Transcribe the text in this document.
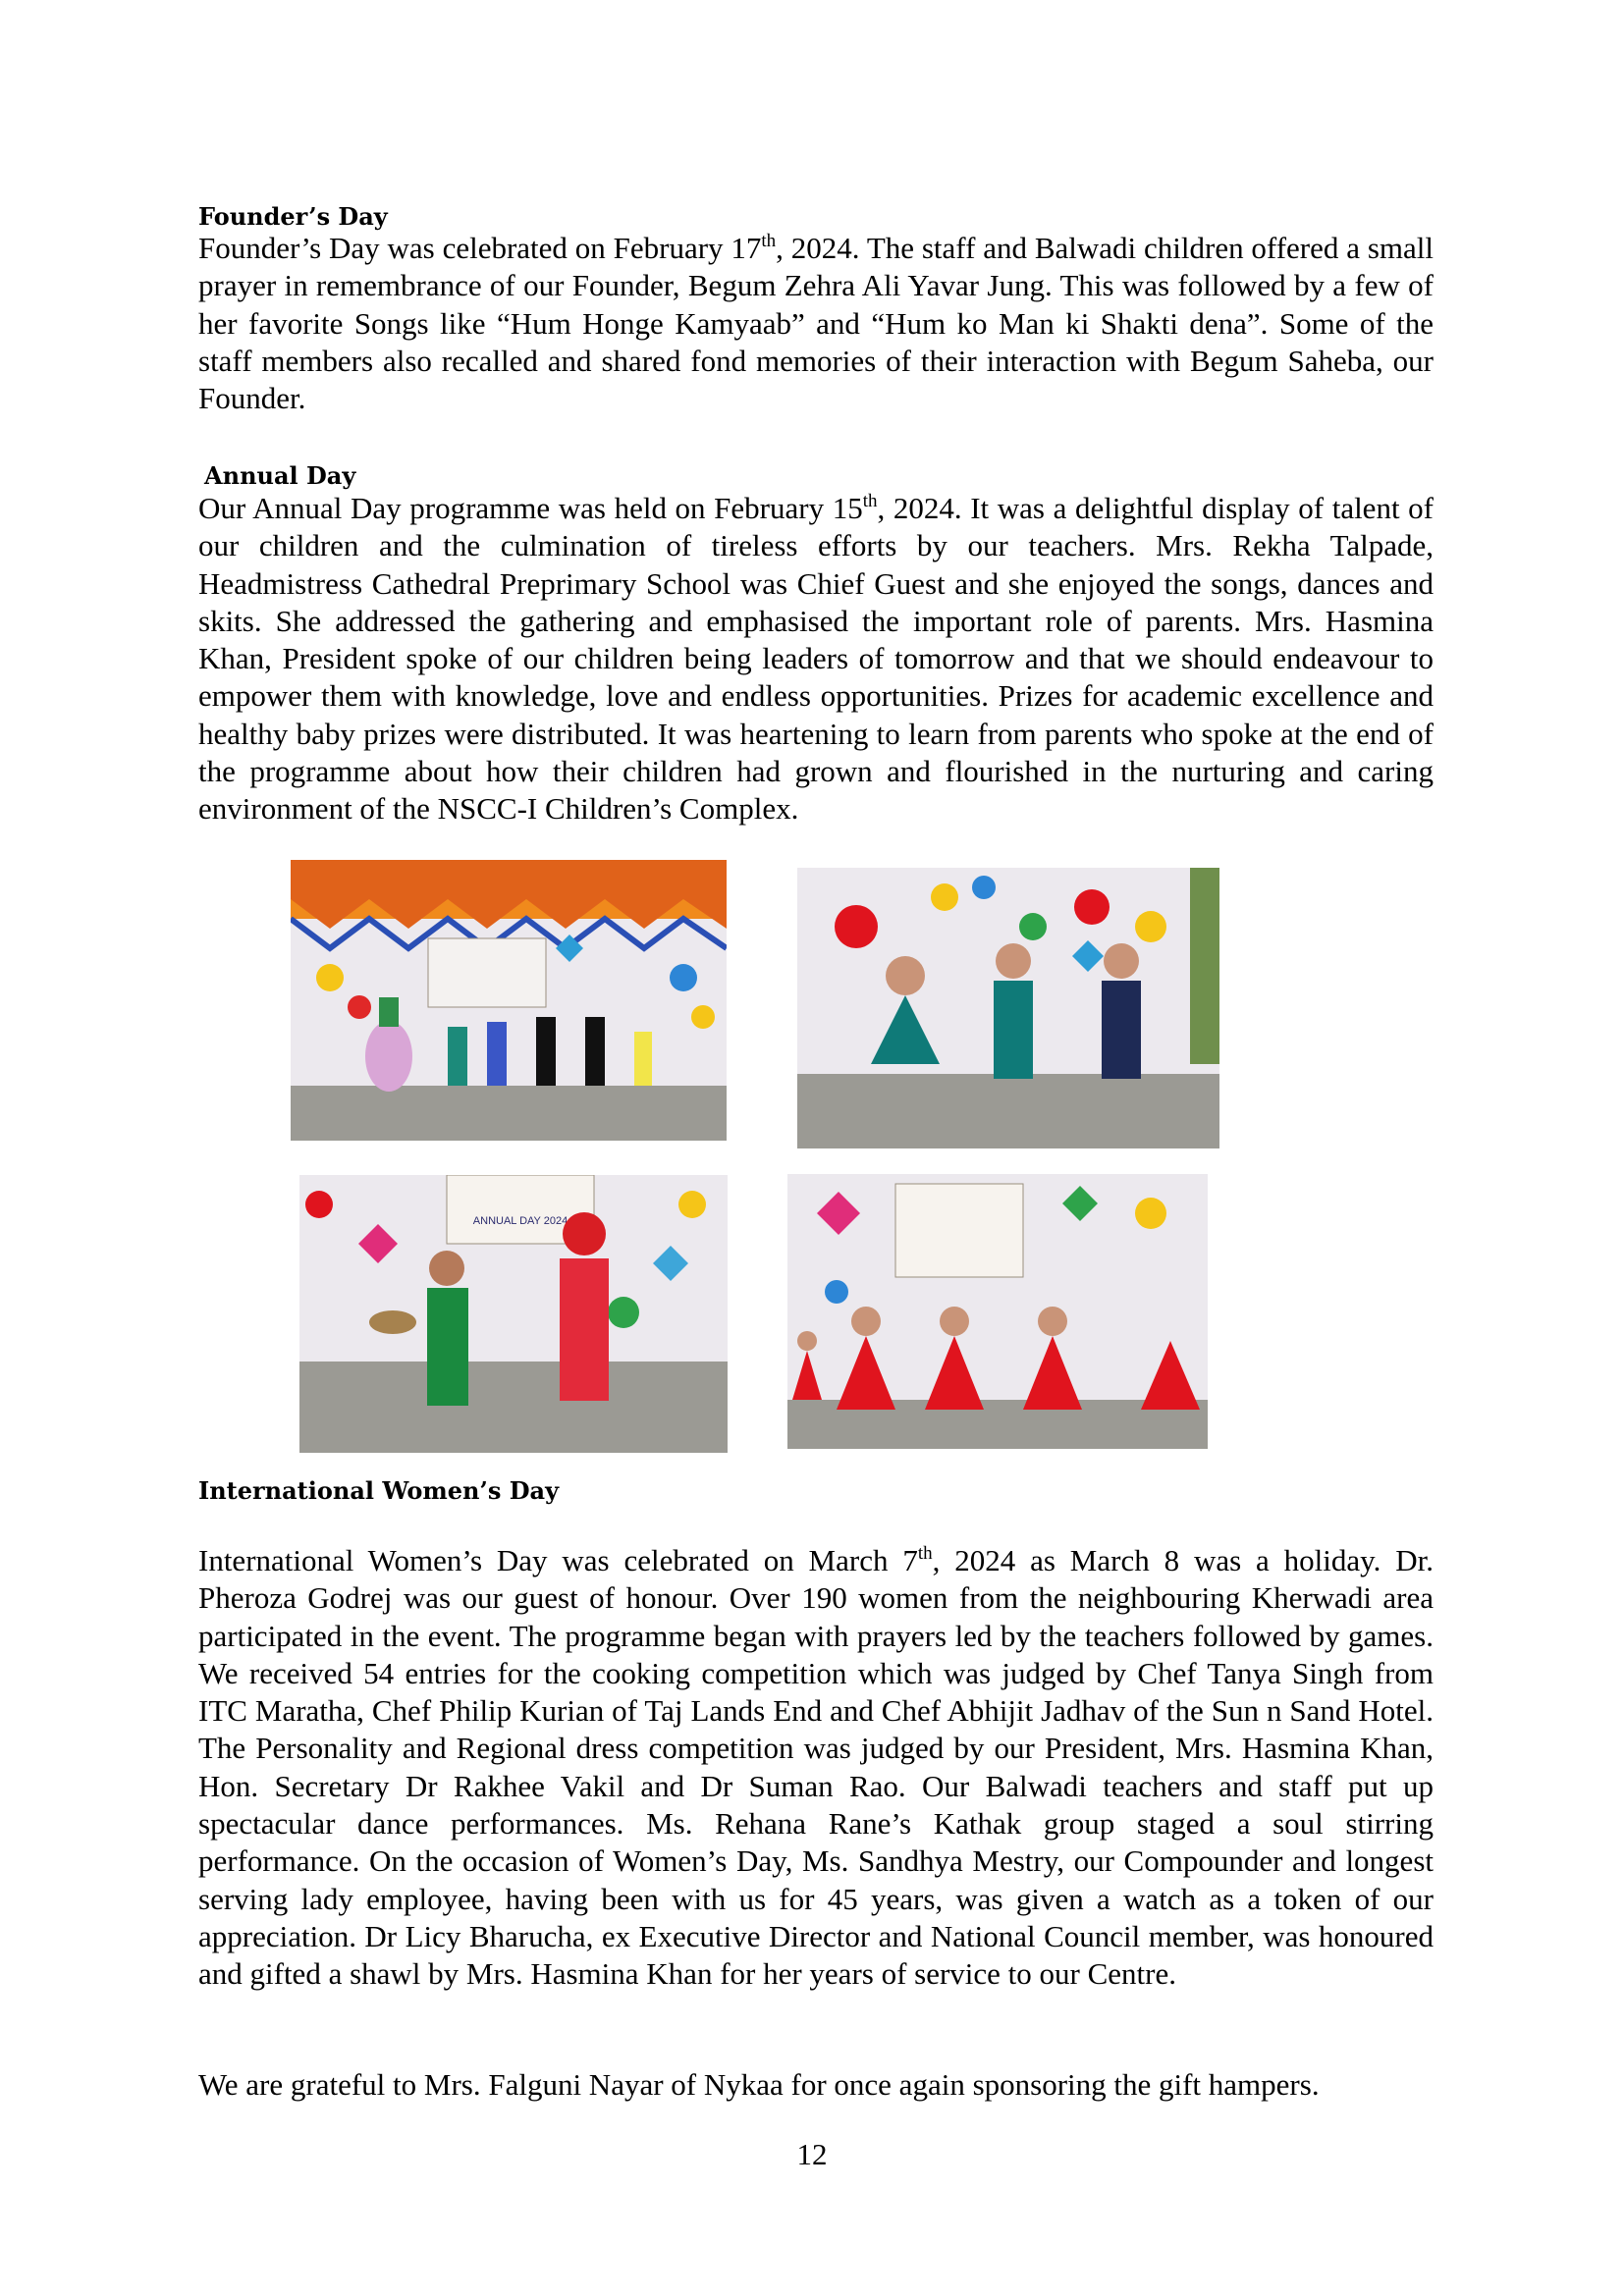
Founder’s Day

Founder’s Day was celebrated on February 17th, 2024. The staff and Balwadi children offered a small prayer in remembrance of our Founder, Begum Zehra Ali Yavar Jung. This was followed by a few of her favorite Songs like “Hum Honge Kamyaab” and “Hum ko Man ki Shakti dena”. Some of the staff members also recalled and shared fond memories of their interaction with Begum Saheba, our Founder.

Annual Day

Our Annual Day programme was held on February 15th, 2024. It was a delightful display of talent of our children and the culmination of tireless efforts by our teachers. Mrs. Rekha Talpade, Headmistress Cathedral Preprimary School was Chief Guest and she enjoyed the songs, dances and skits. She addressed the gathering and emphasised the important role of parents. Mrs. Hasmina Khan, President spoke of our children being leaders of tomorrow and that we should endeavour to empower them with knowledge, love and endless opportunities. Prizes for academic excellence and healthy baby prizes were distributed. It was heartening to learn from parents who spoke at the end of the programme about how their children had grown and flourished in the nurturing and caring environment of the NSCC-I Children’s Complex.

ANNUAL DAY 2024
International Women’s Day

International Women’s Day was celebrated on March 7th, 2024 as March 8 was a holiday. Dr. Pheroza Godrej was our guest of honour. Over 190 women from the neighbouring Kherwadi area participated in the event. The programme began with prayers led by the teachers followed by games. We received 54 entries for the cooking competition which was judged by Chef Tanya Singh from ITC Maratha, Chef Philip Kurian of Taj Lands End and Chef Abhijit Jadhav of the Sun n Sand Hotel. The Personality and Regional dress competition was judged by our President, Mrs. Hasmina Khan, Hon. Secretary Dr Rakhee Vakil and Dr Suman Rao. Our Balwadi teachers and staff put up spectacular dance performances. Ms. Rehana Rane’s Kathak group staged a soul stirring performance. On the occasion of Women’s Day, Ms. Sandhya Mestry, our Compounder and longest serving lady employee, having been with us for 45 years, was given a watch as a token of our appreciation. Dr Licy Bharucha, ex Executive Director and National Council member, was honoured and gifted a shawl by Mrs. Hasmina Khan for her years of service to our Centre.

We are grateful to Mrs. Falguni Nayar of Nykaa for once again sponsoring the gift hampers.

12
